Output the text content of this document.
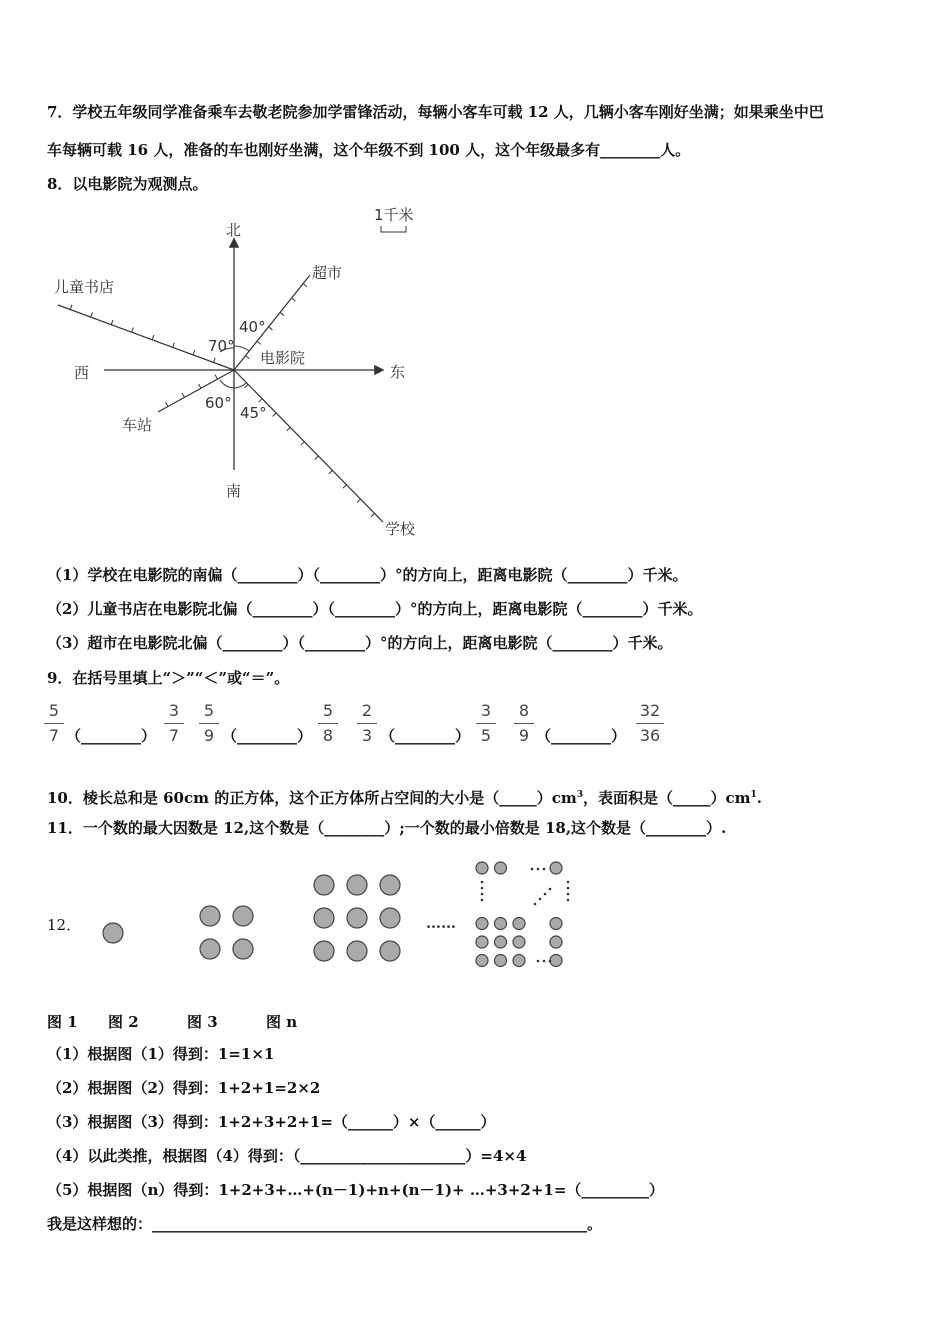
7．学校五年级同学准备乘车去敬老院参加学雷锋活动，每辆小客车可载 12 人，几辆小客车刚好坐满；如果乘坐中巴
车每辆可载 16 人，准备的车也刚好坐满，这个年级不到 100 人，这个年级最多有________人。
8．以电影院为观测点。
北
南
西	东
电影院
1千米
超市
儿童书店
车站
学校
40°
70°
60°
45°
（1）学校在电影院的南偏（________）（________）°的方向上，距离电影院（________）千米。
（2）儿童书店在电影院北偏（________）（________）°的方向上，距离电影院（________）千米。
（3）超市在电影院北偏（________）（________）°的方向上，距离电影院（________）千米。
9．在括号里填上“＞”“＜”或“＝”。
5
7 （________）
3
7
5
9 （________）
5
8
2
3 （________）
3
5
8
9 （________）
32
36
10．棱长总和是 60cm 的正方体，这个正方体所占空间的大小是$(\_\_\_\_\_)cm^3$，表面积是$(\_\_\_\_\_)cm^1$.
11．一个数的最大因数是 12,这个数是（________）;一个数的最小倍数是 18,这个数是（________）.
12．	……
图 1 图 2	图 3	图 n
（1）根据图（1）得到：1=1×1
（2）根据图（2）得到：1+2+1=2×2
（3）根据图（3）得到：1+2+3+2+1=（______）×（______）
（4）以此类推，根据图（4）得到：（______________________）=4×4
（5）根据图（n）得到：1+2+3+…+(n－1)+n+(n－1)+ …+3+2+1=（_________）
我是这样想的：__________________________________________________________。
